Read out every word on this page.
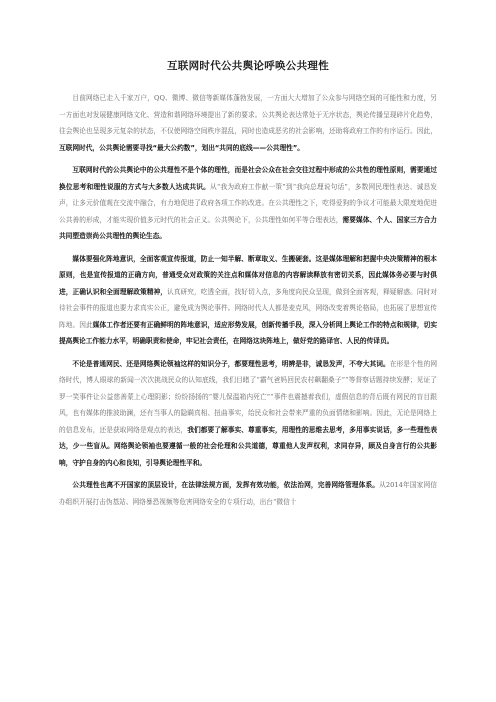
互联网时代公共舆论呼唤公共理性

目前网络已走入千家万户，QQ、微博、微信等新媒体蓬勃发展，一方面大大增加了公众参与网络空间的可能性和力度，另一方面也对发展健康网络文化、营造和谐网络环境提出了新的要求。公共舆论表达常处于无序状态，舆论传播呈现碎片化趋势，往会舆论也呈现多元复杂的状态，不仅使网络空间秩序混乱，同时也造成恶劣的社会影响，还助将政府工作的有序运行。因此，互联网时代，公共舆论需要寻找“最大公约数”，划出“共同的底线——公共理性”。

互联网时代的公共舆论中的公共理性不是个体的理性，而是社会公众在社会交往过程中形成的公共性的理性原则，需要通过换位思考和理性说服的方式与大多数人达成共识。从“我为政府工作献一策”到“我向总理说句话”，多数网民理性表达、诚恳发声，让多元价值观在交流中融合，有力地促进了政府各项工作的改进。在公共理性之下，吃得爱狗的争议才可能最大限度地促进公共善的形成，才能实现价值多元时代的社会正义。公共舆论下，公共理性如何平等合理表达，需要媒体、个人、国家三方合力共同塑造崇尚公共理性的舆论生态。

媒体要强化阵地意识，全面客观宣传报道，防止一知半解、断章取义、生搬硬套。这是媒体理解和把握中央决策精神的根本原则，也是宣传报道的正确方向，普通受众对政策的关注点和媒体对信息的内容解读释放有密切关系，因此媒体务必要与时俱进，正确认识和全面理解政策精神，认真研究，吃透全面，找好切入点，多角度向民众呈现，做到全面客观，释疑解惑。同时对待社会事件的报道也要力求真实公正，避免成为舆论事件。网络时代人人都是麦克风，网络改变着舆论格局，也拓展了思想宣传阵地。因此媒体工作者还要有正确鲜明的阵地意识，适应形势发展，创新传播手段，深入分析网上舆论工作的特点和规律，切实提高舆论工作能力水平，明确职责和使命，牢记社会责任，在网络这块阵地上，做好党的路译官、人民的传译员。

不论是普通网民、还是网络舆论领袖这样的知识分子，都要理性思考，明辨是非，诚恳发声，不夸大其词。在形是个性的网络时代，博人眼球的新闻一次次挑战民众的认知底线，我们目睹了“霸气爸妈回民农村飙翻桑子”“等督察话题持续发酵；见证了罗一笑事件让公益慈善蒙上心理阴影；纷纷扬扬的“婴儿保温箱内死亡”“事件也震撼着我们，虚假信息的背后既有网民的盲目跟风，也有媒体的推波助澜，还有当事人的隐瞒真相、扭曲事实，给民众和社会带来严重的负面情绪和影响。因此，无论是网络上的信息发布，还是获取网络是观点的表达，我们都要了解事实、尊重事实，用理性的思维去思考，多用事实说话，多一些理性表达，少一些盲从。网络舆论领袖也要遵循一般的社会伦理和公共道德，尊重他人发声权利，求同存异，顾及自身言行的公共影响，守护自身的内心和良知，引导舆论理性平和。

公共理性也离不开国家的顶层设计，在法律法规方面，发挥有效功能，依法治网，完善网络管理体系。从2014年国家网信办组织开展打击伪基站、网络暴恐视频等危害网络安全的专项行动，出台“微信十
